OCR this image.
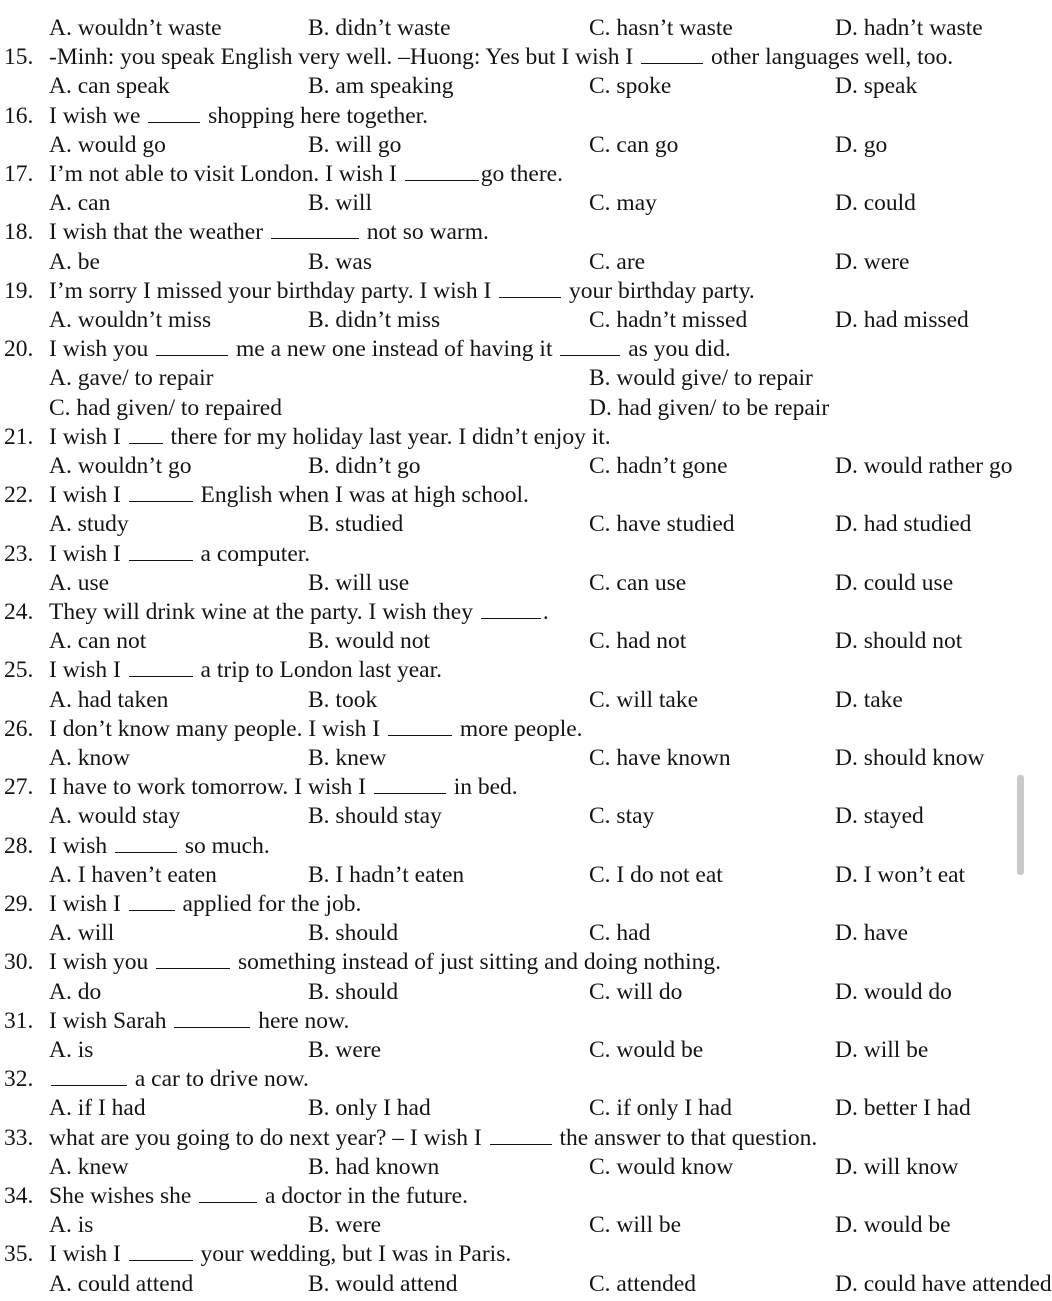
A. wouldn’t waste	B. didn’t waste	C. hasn’t waste	D. hadn’t waste
15. -Minh: you speak English very well. –Huong: Yes but I wish I	other languages well, too.
A. can speak	B. am speaking	C. spoke	D. speak
16. I wish we  shopping here together.
A. would go	B. will go	C. can go	D. go
17. I’m not able to visit London. I wish I	go there.
A. can	B. will	C. may	D. could
18. I wish that the weather	not so warm.
A. be	B. was	C. are	D. were
19. I’m sorry I missed your birthday party. I wish I	your birthday party.
A. wouldn’t miss	B. didn’t miss	C. hadn’t missed	D. had missed
20. I wish you	me a new one instead of having it	as you did.
A. gave/ to repair	B. would give/ to repair
C. had given/ to repaired	D. had given/ to be repair
21. I wish I  there for my holiday last year. I didn’t enjoy it.
A. wouldn’t go	B. didn’t go	C. hadn’t gone	D. would rather go
22. I wish I	English when I was at high school.
A. study	B. studied	C. have studied	D. had studied
23. I wish I	a computer.
A. use	B. will use	C. can use	D. could use
24. They will drink wine at the party. I wish they	.
A. can not	B. would not	C. had not	D. should not
25. I wish I	a trip to London last year.
A. had taken	B. took	C. will take	D. take
26. I don’t know many people. I wish I	more people.
A. know	B. knew	C. have known	D. should know
27. I have to work tomorrow. I wish I	in bed.
A. would stay	B. should stay	C. stay	D. stayed
28. I wish	so much.
A. I haven’t eaten	B. I hadn’t eaten	C. I do not eat	D. I won’t eat
29. I wish I  applied for the job.
A. will	B. should	C. had	D. have
30. I wish you	something instead of just sitting and doing nothing.
A. do	B. should	C. will do	D. would do
31. I wish Sarah	here now.
A. is	B. were	C. would be	D. will be
32.	a car to drive now.
A. if I had	B. only I had	C. if only I had	D. better I had
33. what are you going to do next year? – I wish I	the answer to that question.
A. knew	B. had known	C. would know	D. will know
34. She wishes she	a doctor in the future.
A. is	B. were	C. will be	D. would be
35. I wish I	your wedding, but I was in Paris.
A. could attend	B. would attend	C. attended	D. could have attended
